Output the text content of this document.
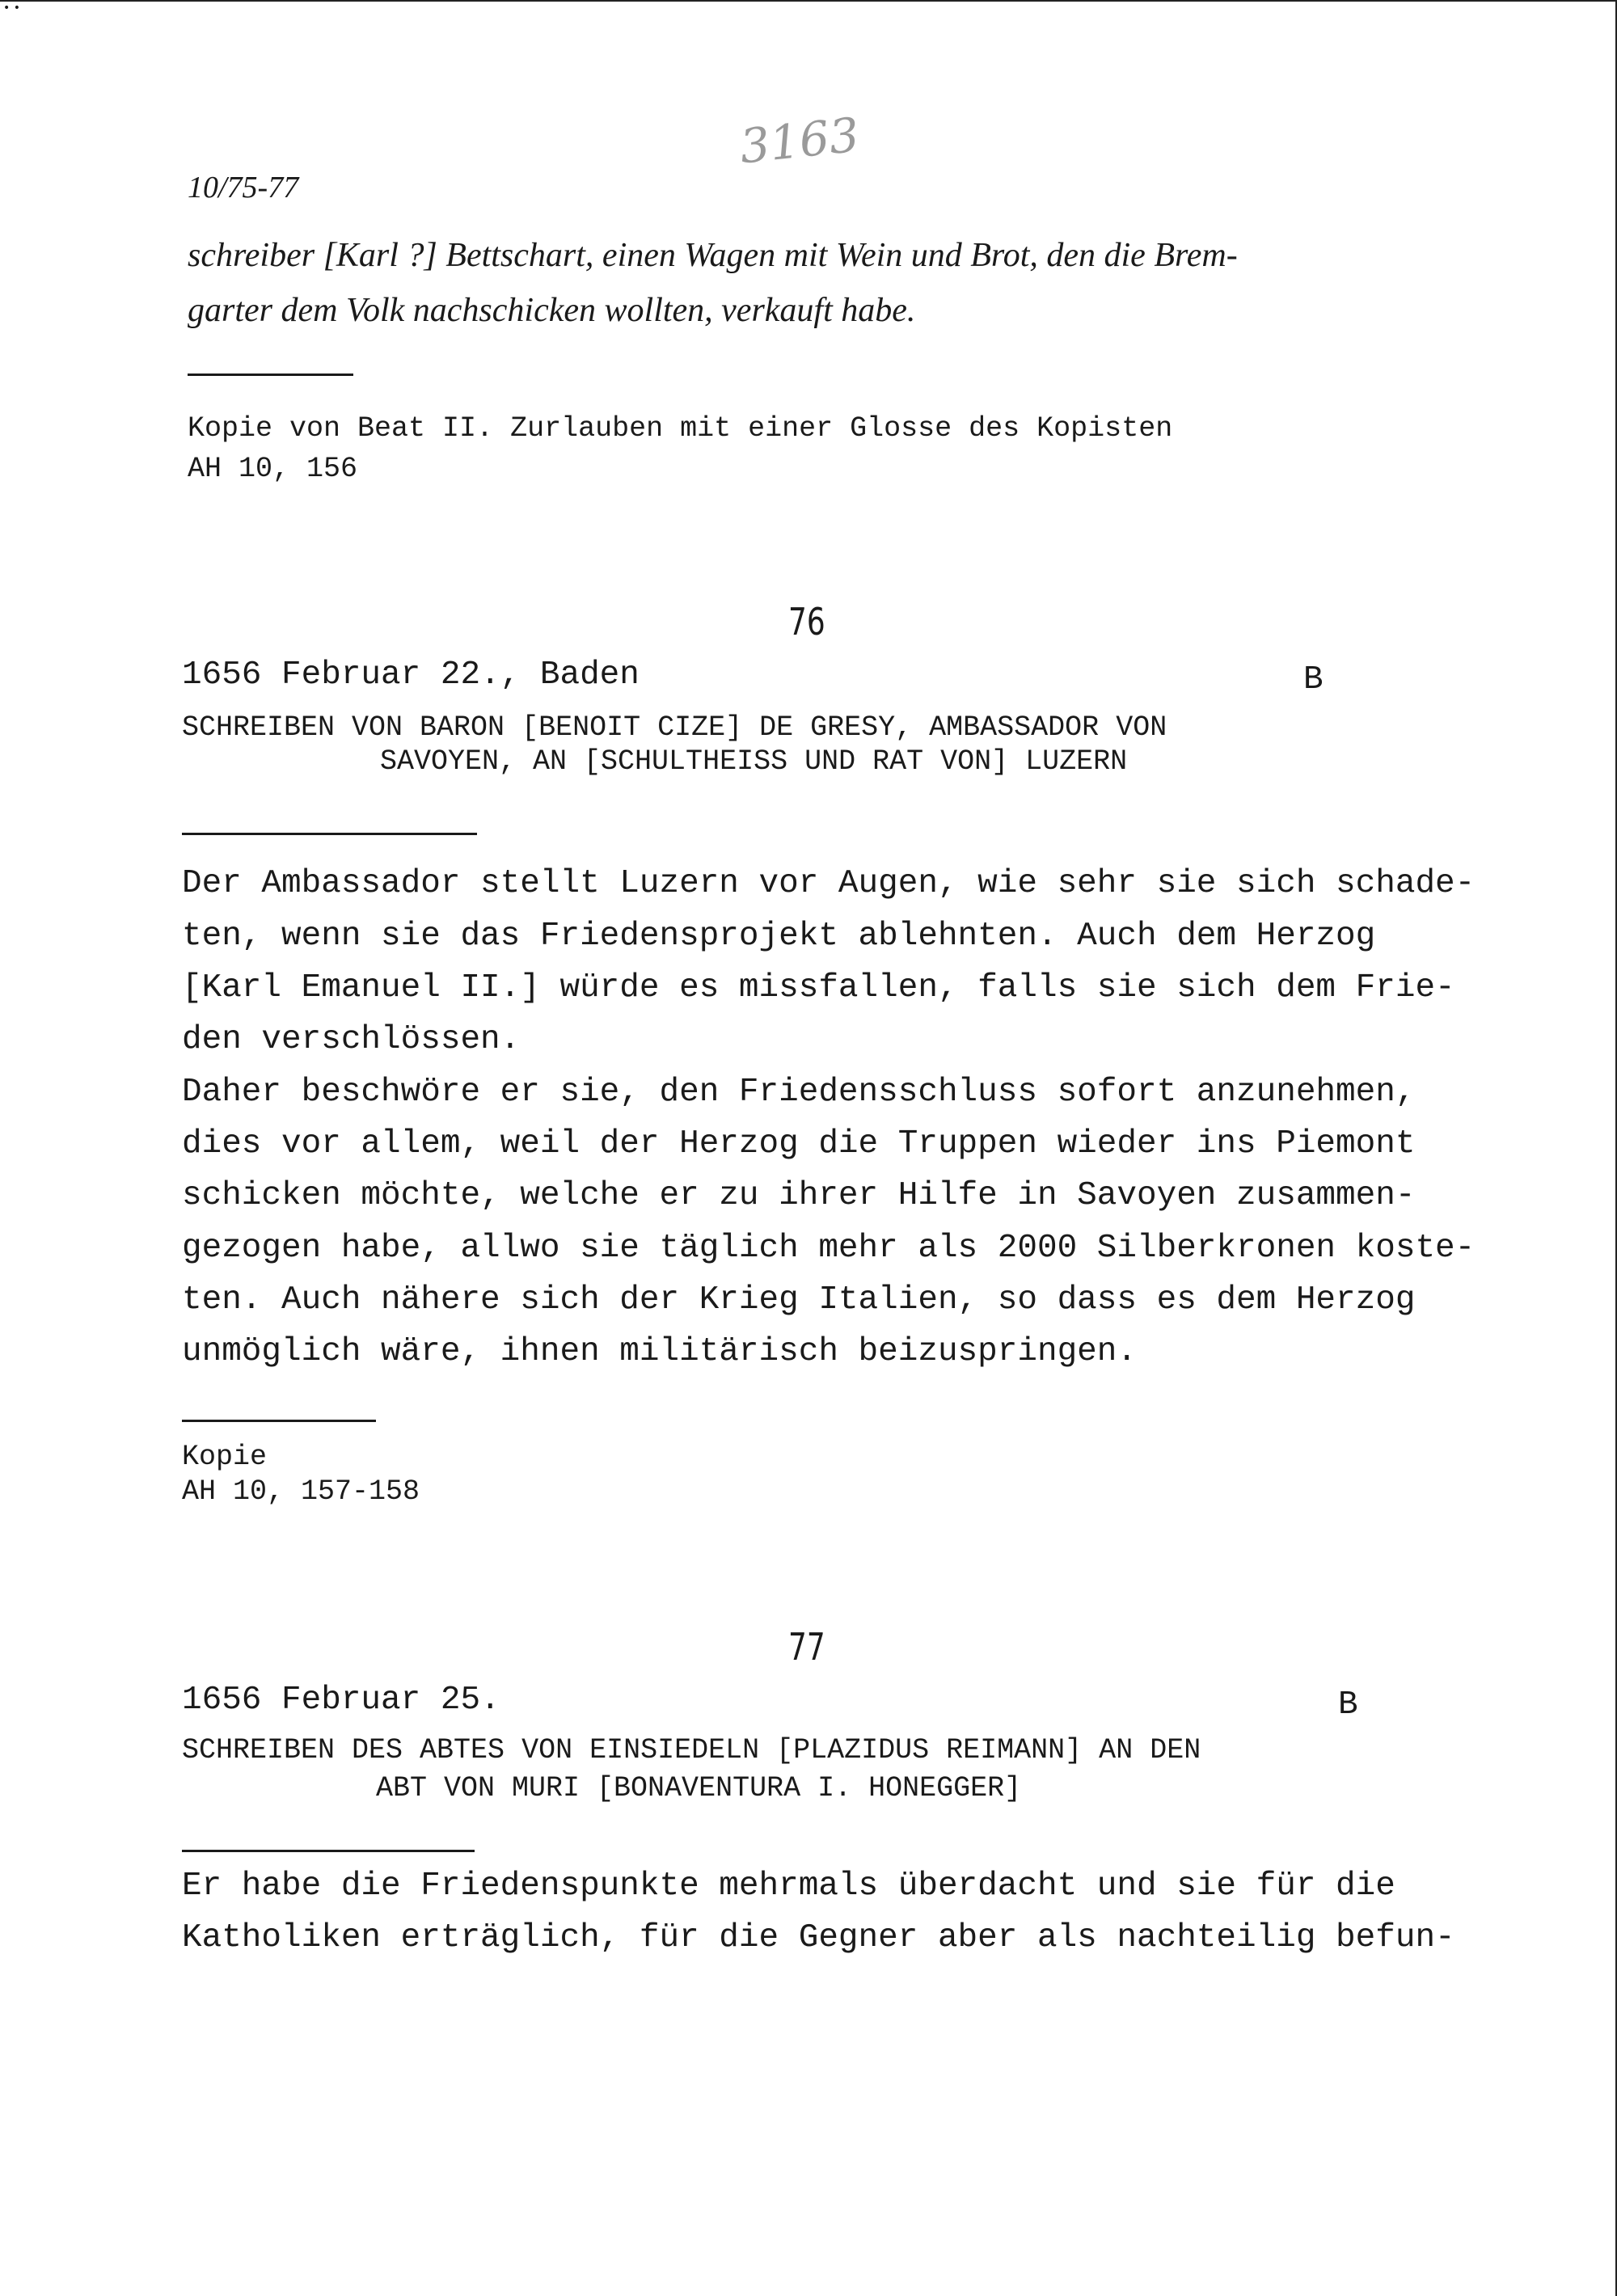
• •
10/75-77
3163
schreiber [Karl ?] Bettschart, einen Wagen mit Wein und Brot, den die Brem-
garter dem Volk nachschicken wollten, verkauft habe.
Kopie von Beat II. Zurlauben mit einer Glosse des Kopisten
AH 10, 156
76
1656 Februar 22., Baden	B
SCHREIBEN VON BARON [BENOIT CIZE] DE GRESY, AMBASSADOR VON
SAVOYEN, AN [SCHULTHEISS UND RAT VON] LUZERN
Der Ambassador stellt Luzern vor Augen, wie sehr sie sich schade-
ten, wenn sie das Friedensprojekt ablehnten. Auch dem Herzog
[Karl Emanuel II.] würde es missfallen, falls sie sich dem Frie-
den verschlössen.
Daher beschwöre er sie, den Friedensschluss sofort anzunehmen,
dies vor allem, weil der Herzog die Truppen wieder ins Piemont
schicken möchte, welche er zu ihrer Hilfe in Savoyen zusammen-
gezogen habe, allwo sie täglich mehr als 2000 Silberkronen koste-
ten. Auch nähere sich der Krieg Italien, so dass es dem Herzog
unmöglich wäre, ihnen militärisch beizuspringen.
Kopie
AH 10, 157-158
77
1656 Februar 25.	B
SCHREIBEN DES ABTES VON EINSIEDELN [PLAZIDUS REIMANN] AN DEN
ABT VON MURI [BONAVENTURA I. HONEGGER]
Er habe die Friedenspunkte mehrmals überdacht und sie für die
Katholiken erträglich, für die Gegner aber als nachteilig befun-
